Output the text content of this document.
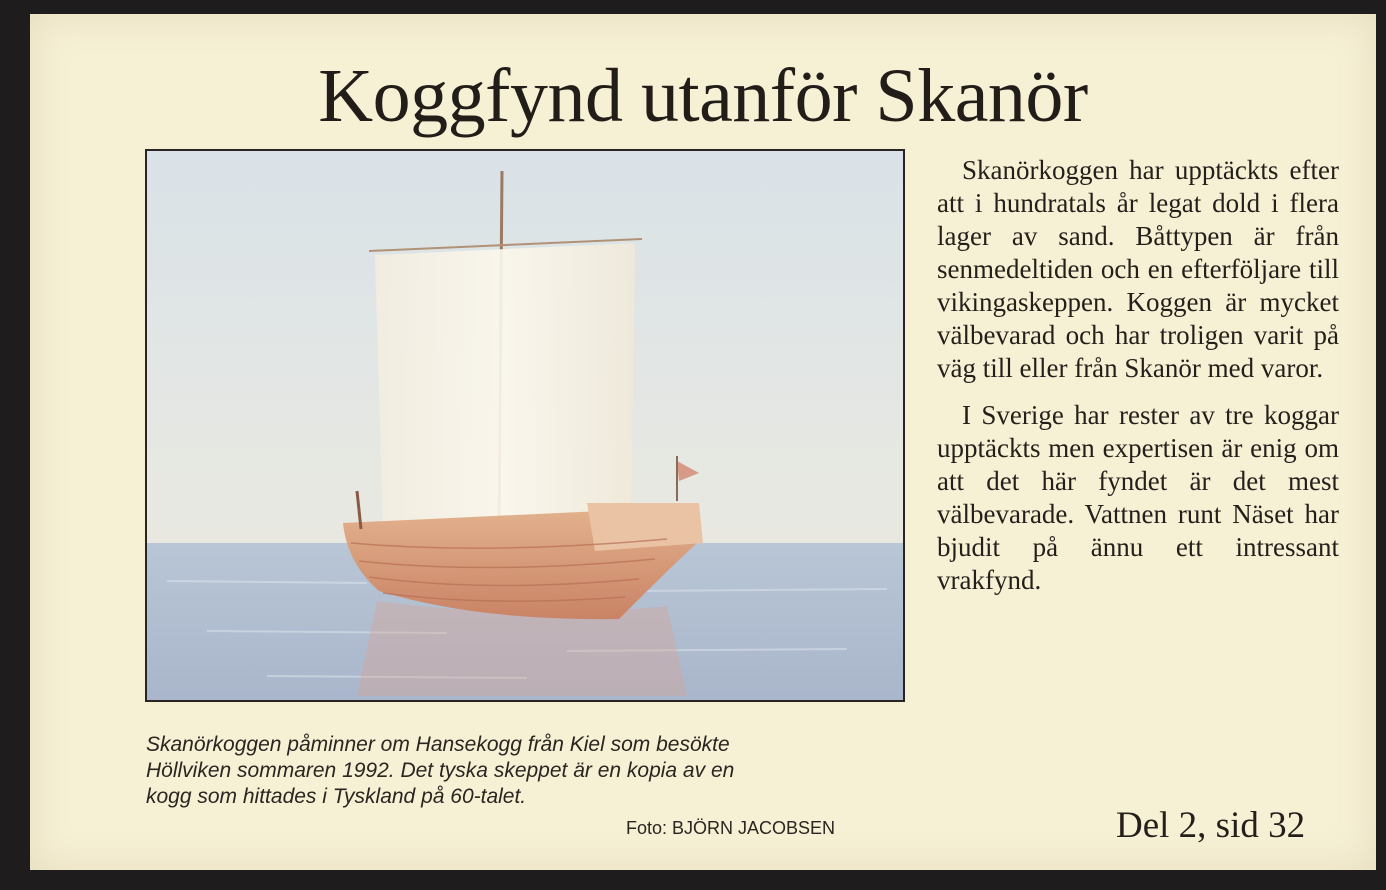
Koggfynd utanför Skanör
Skanörkoggen påminner om Hansekogg från Kiel som besökte
Höllviken sommaren 1992. Det tyska skeppet är en kopia av en
kogg som hittades i Tyskland på 60-talet.
Foto: BJÖRN JACOBSEN

Skanörkoggen har upptäckts efter att i hundratals år legat dold i flera lager av sand. Båttypen är från senmedeltiden och en efterföljare till vikingaskeppen. Koggen är mycket välbevarad och har troligen varit på väg till eller från Skanör med varor.

I Sverige har rester av tre koggar upptäckts men expertisen är enig om att det här fyndet är det mest välbevarade. Vattnen runt Näset har bjudit på ännu ett intressant vrakfynd.

Del 2, sid 32
